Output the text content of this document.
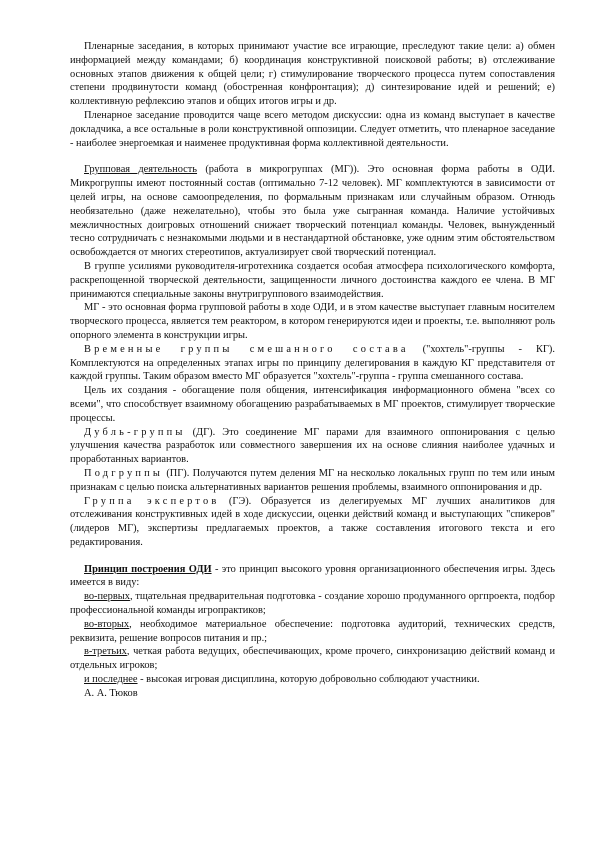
Пленарные заседания, в которых принимают участие все играющие, преследуют такие цели: а) обмен информацией между командами; б) координация конструктивной поисковой работы; в) отслеживание основных этапов движения к общей цели; г) стимулирование творческого процесса путем сопоставления степени продвинутости команд (обостренная конфронтация); д) синтезирование идей и решений; е) коллективную рефлексию этапов и общих итогов игры и др.

Пленарное заседание проводится чаще всего методом дискуссии: одна из команд выступает в качестве докладчика, а все остальные в роли конструктивной оппозиции. Следует отметить, что пленарное заседание - наиболее энергоемкая и наименее продуктивная форма коллективной деятельности.

Групповая деятельность (работа в микрогруппах (МГ)). Это основная форма работы в ОДИ. Микрогруппы имеют постоянный состав (оптимально 7-12 человек). МГ комплектуются в зависимости от целей игры, на основе самоопределения, по формальным признакам или случайным образом. Отнюдь необязательно (даже нежелательно), чтобы это была уже сыгранная команда. Наличие устойчивых межличностных доигровых отношений снижает творческий потенциал команды. Человек, вынужденный тесно сотрудничать с незнакомыми людьми и в нестандартной обстановке, уже одним этим обстоятельством освобождается от многих стереотипов, актуализирует свой творческий потенциал.

В группе усилиями руководителя-игротехника создается особая атмосфера психологического комфорта, раскрепощенной творческой деятельности, защищенности личного достоинства каждого ее члена. В МГ принимаются специальные законы внутригруппового взаимодействия.

МГ - это основная форма групповой работы в ходе ОДИ, и в этом качестве выступает главным носителем творческого процесса, является тем реактором, в котором генерируются идеи и проекты, т.е. выполняют роль опорного элемента в конструкции игры.

Временные группы смешанного состава ("хохтель"-группы - КГ). Комплектуются на определенных этапах игры по принципу делегирования в каждую КГ представителя от каждой группы. Таким образом вместо МГ образуется "хохтель"-группа - группа смешанного состава.

Цель их создания - обогащение поля общения, интенсификация информационного обмена "всех со всеми", что способствует взаимному обогащению разрабатываемых в МГ проектов, стимулирует творческие процессы.

Дубль-группы (ДГ). Это соединение МГ парами для взаимного оппонирования с целью улучшения качества разработок или совместного завершения их на основе слияния наиболее удачных и проработанных вариантов.

Подгруппы (ПГ). Получаются путем деления МГ на несколько локальных групп по тем или иным признакам с целью поиска альтернативных вариантов решения проблемы, взаимного оппонирования и др.

Группа экспертов (ГЭ). Образуется из делегируемых МГ лучших аналитиков для отслеживания конструктивных идей в ходе дискуссии, оценки действий команд и выступающих "спикеров" (лидеров МГ), экспертизы предлагаемых проектов, а также составления итогового текста и его редактирования.

Принцип построения ОДИ - это принцип высокого уровня организационного обеспечения игры. Здесь имеется в виду:

во-первых, тщательная предварительная подготовка - создание хорошо продуманного оргпроекта, подбор профессиональной команды игропрактиков;

во-вторых, необходимое материальное обеспечение: подготовка аудиторий, технических средств, реквизита, решение вопросов питания и пр.;

в-третьих, четкая работа ведущих, обеспечивающих, кроме прочего, синхронизацию действий команд и отдельных игроков;

и последнее - высокая игровая дисциплина, которую добровольно соблюдают участники.

А. А. Тюков
